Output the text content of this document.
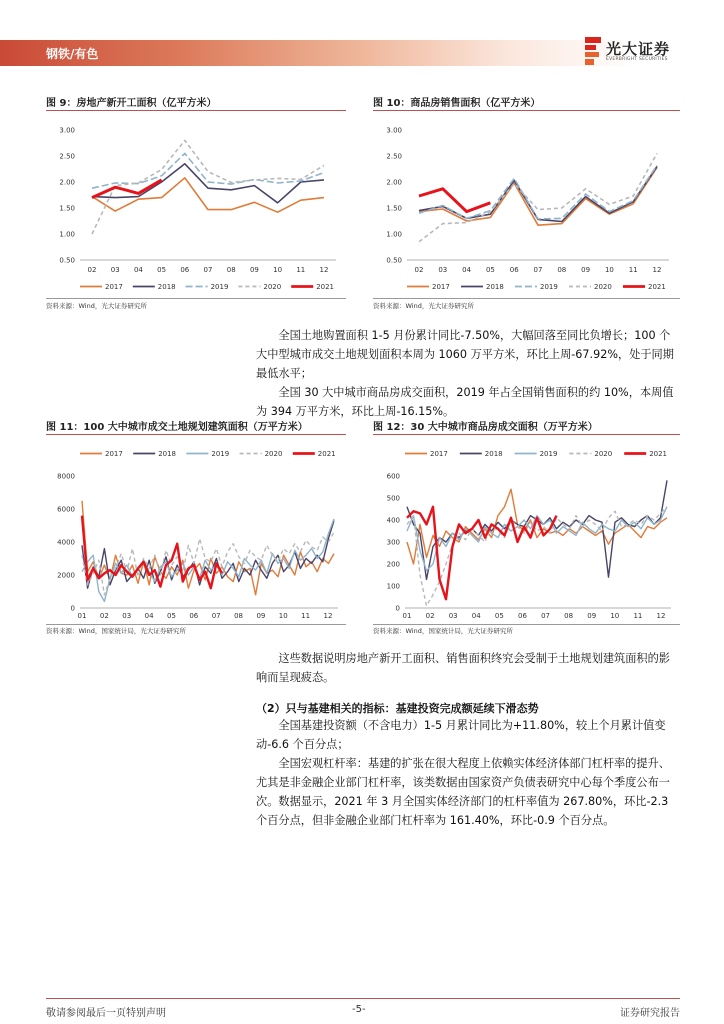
钢铁/有色	光大证券
EVERBRIGHT SECURITIES
图 9：房地产新开工面积（亿平方米）
3.00
2.50
2.00
1.50
1.00
0.50
02 03 04 05 06 07 08 09 10 11 12
2017	2018	2019	2020	2021
资料来源：Wind，光大证券研究所
图 10：商品房销售面积（亿平方米）
3.00
2.50
2.00
1.50
1.00
0.50
02 03 04 05 06 07 08 09 10 11 12
2017	2018	2019	2020	2021
资料来源：Wind，光大证券研究所

全国土地购置面积 1-5 月份累计同比-7.50%，大幅回落至同比负增长；100 个大中型城市成交土地规划面积本周为 1060 万平方米，环比上周-67.92%，处于同期最低水平；

全国 30 大中城市商品房成交面积，2019 年占全国销售面积的约 10%，本周值为 394 万平方米，环比上周-16.15%。

图 11：100 大中城市成交土地规划建筑面积（万平方米）
8000
6000
4000
2000
0
01 02 03 04 05 06 07 08 09 10 11 12
2017	2018	2019	2020	2021
资料来源：Wind，国家统计局，光大证券研究所
图 12：30 大中城市商品房成交面积（万平方米）
600
500
400
300
200
100
0
01 02 03 04 05 06 07 08 09 10 11 12
2017	2018	2019	2020	2021
资料来源：Wind，国家统计局，光大证券研究所

这些数据说明房地产新开工面积、销售面积终究会受制于土地规划建筑面积的影响而呈现疲态。

（2）只与基建相关的指标：基建投资完成额延续下滑态势

全国基建投资额（不含电力）1-5 月累计同比为+11.80%，较上个月累计值变动-6.6 个百分点；

全国宏观杠杆率：基建的扩张在很大程度上依赖实体经济体部门杠杆率的提升、尤其是非金融企业部门杠杆率，该类数据由国家资产负债表研究中心每个季度公布一次。数据显示，2021 年 3 月全国实体经济部门的杠杆率值为 267.80%，环比-2.3 个百分点，但非金融企业部门杠杆率为 161.40%，环比-0.9 个百分点。

敬请参阅最后一页特别声明	-5-	证券研究报告
